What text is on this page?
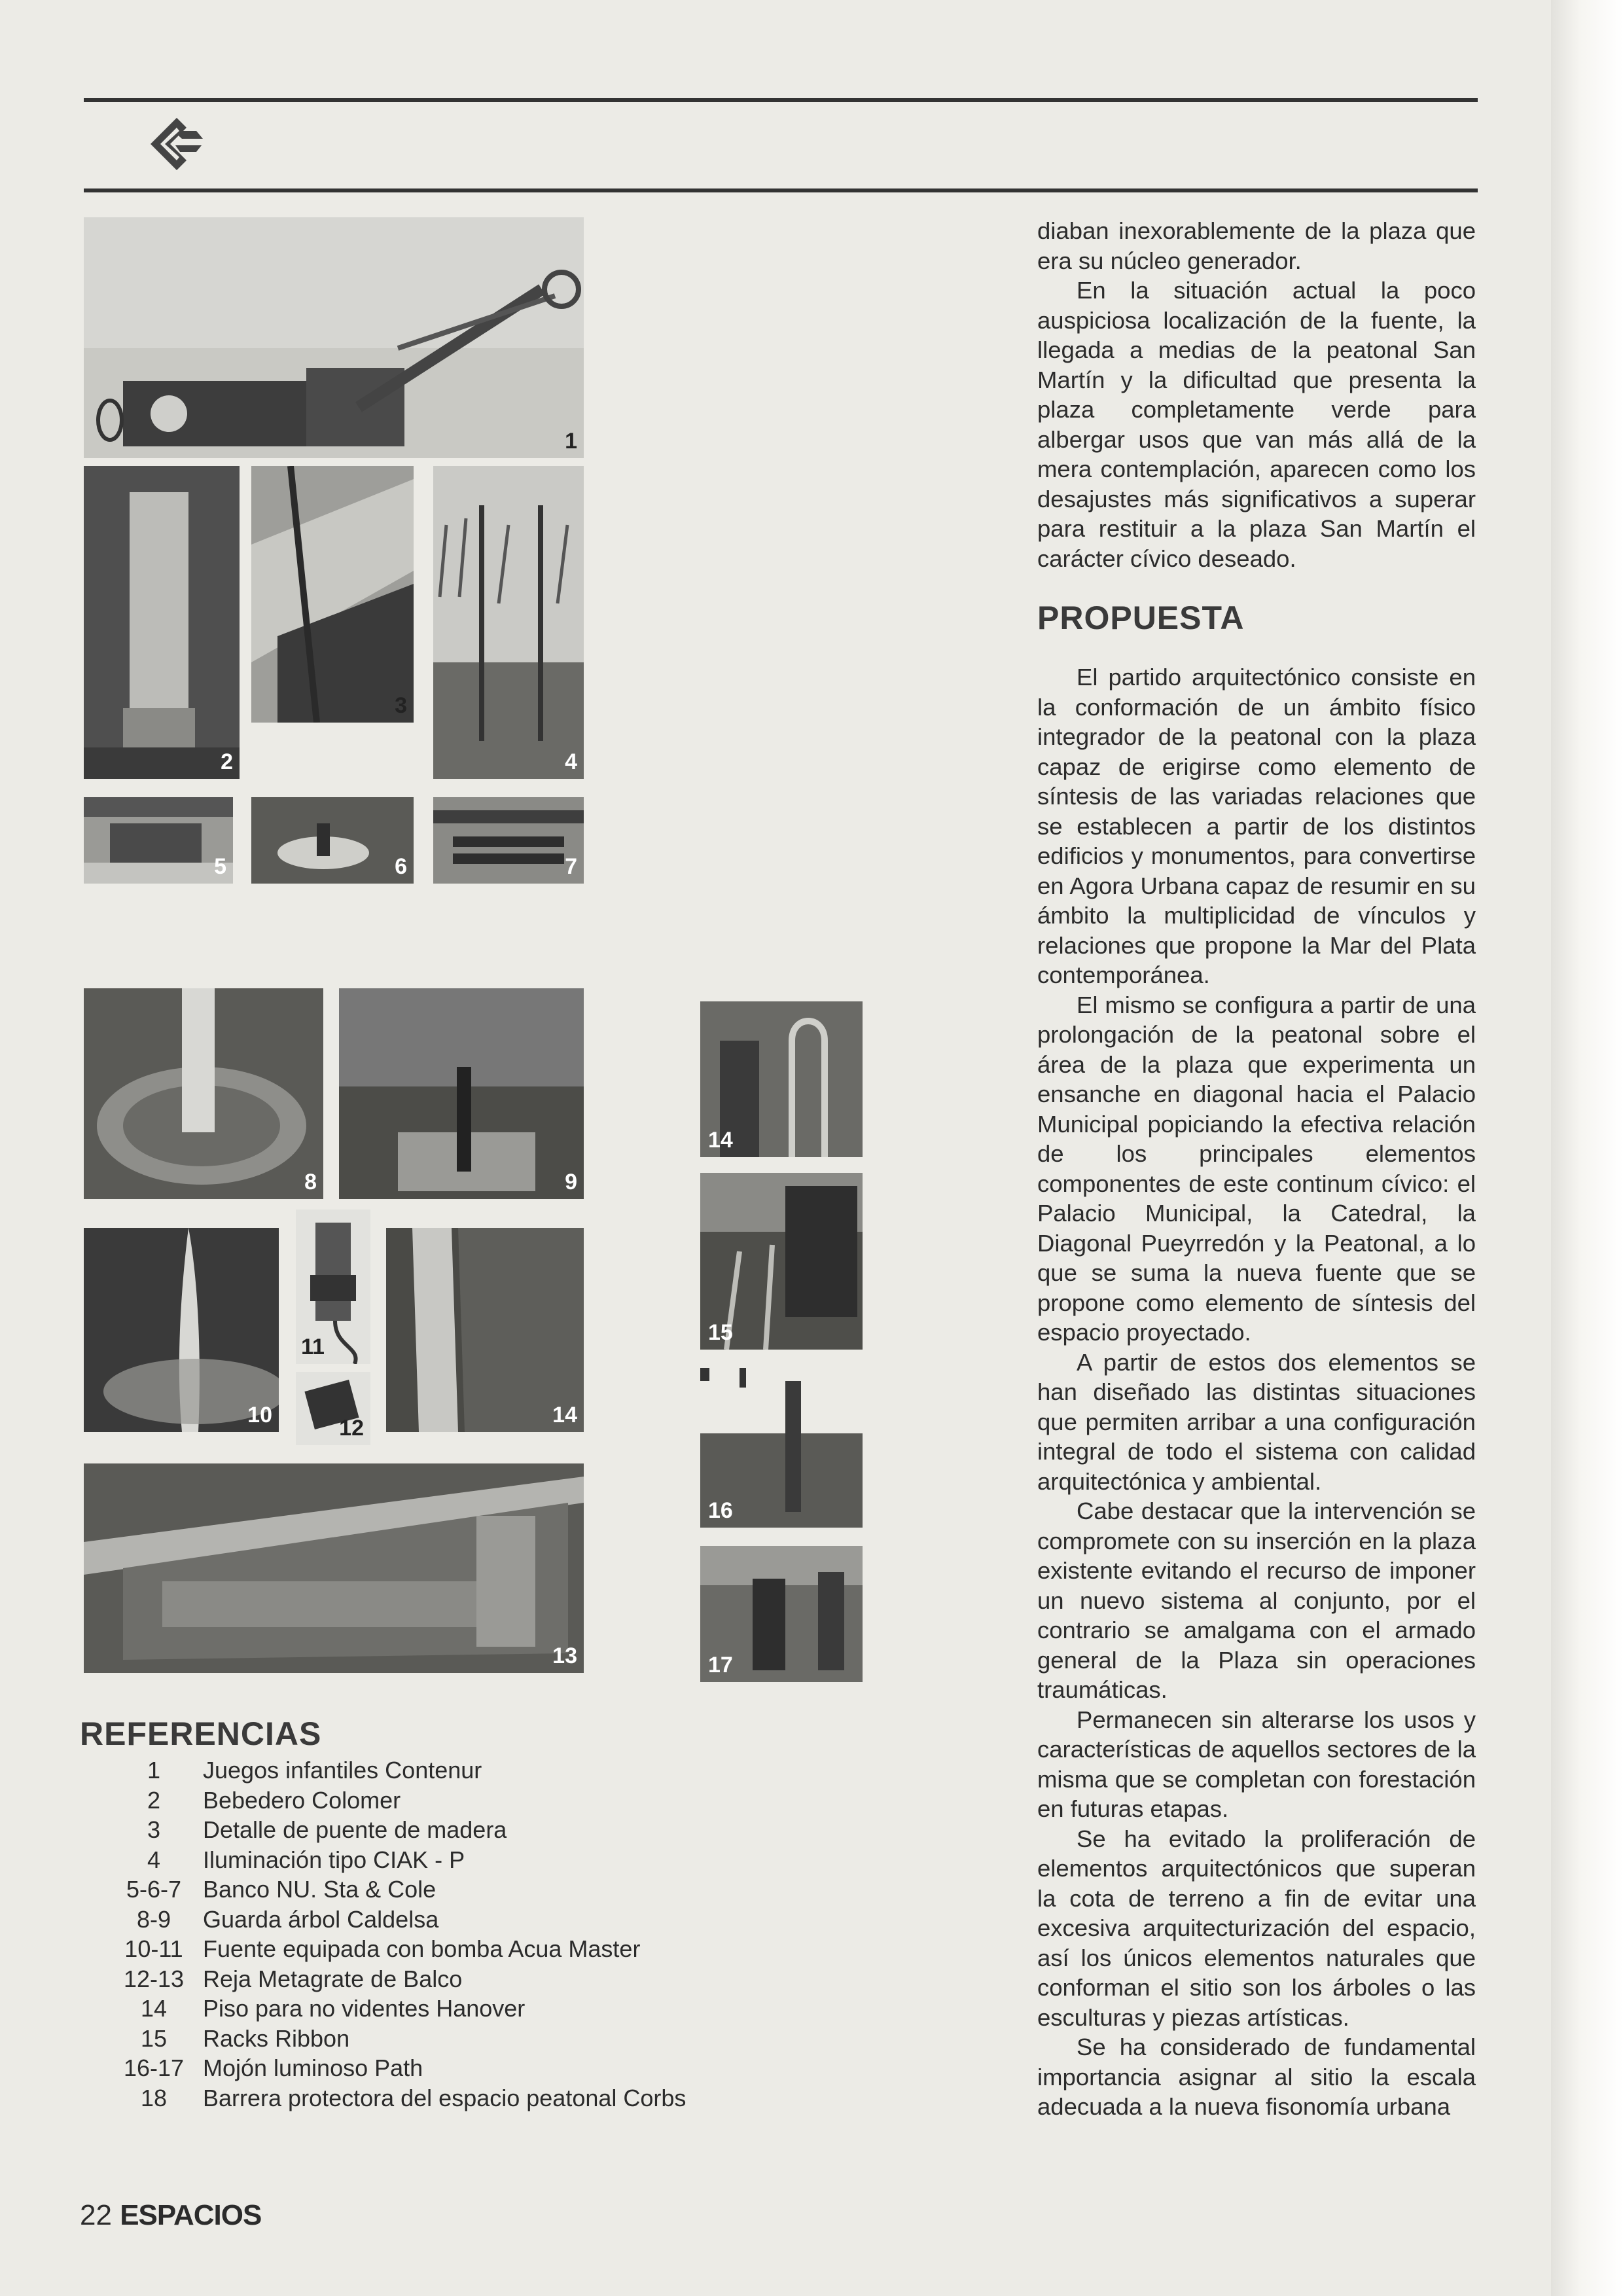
1
2
3
4
5	6	7
8	9
10
11
12
14
13
14
15
16
17
REFERENCIAS
1	Juegos infantiles Contenur
2	Bebedero Colomer
3	Detalle de puente de madera
4	Iluminación tipo CIAK - P
5-6-7 Banco NU. Sta & Cole
8-9	Guarda árbol Caldelsa
10-11 Fuente equipada con bomba Acua Master
12-13 Reja Metagrate de Balco
14	Piso para no videntes Hanover
15	Racks Ribbon
16-17 Mojón luminoso Path
18	Barrera protectora del espacio peatonal Corbs

diaban inexorablemente de la plaza que era su núcleo generador.

En la situación actual la poco auspiciosa localización de la fuente, la llegada a medias de la peatonal San Martín y la dificultad que presenta la plaza completamente verde para albergar usos que van más allá de la mera contemplación, aparecen como los desajustes más significativos a superar para restituir a la plaza San Martín el carácter cívico deseado.

PROPUESTA

El partido arquitectónico consiste en la conformación de un ámbito físico integrador de la peatonal con la plaza capaz de erigirse como elemento de síntesis de las variadas relaciones que se establecen a partir de los distintos edificios y monumentos, para convertirse en Agora Urbana capaz de resumir en su ámbito la multiplicidad de vínculos y relaciones que propone la Mar del Plata contemporánea.

El mismo se configura a partir de una prolongación de la peatonal sobre el área de la plaza que experimenta un ensanche en diagonal hacia el Palacio Municipal popiciando la efectiva relación de los principales elementos componentes de este continum cívico: el Palacio Municipal, la Catedral, la Diagonal Pueyrredón y la Peatonal, a lo que se suma la nueva fuente que se propone como elemento de síntesis del espacio proyectado.

A partir de estos dos elementos se han diseñado las distintas situaciones que permiten arribar a una configuración integral de todo el sistema con calidad arquitectónica y ambiental.

Cabe destacar que la intervención se compromete con su inserción en la plaza existente evitando el recurso de imponer un nuevo sistema al conjunto, por el contrario se amalgama con el armado general de la Plaza sin operaciones traumáticas.

Permanecen sin alterarse los usos y características de aquellos sectores de la misma que se completan con forestación en futuras etapas.

Se ha evitado la proliferación de elementos arquitectónicos que superan la cota de terreno a fin de evitar una excesiva arquitecturización del espacio, así los únicos elementos naturales que conforman el sitio son los árboles o las esculturas y piezas artísticas.

Se ha considerado de fundamental importancia asignar al sitio la escala adecuada a la nueva fisonomía urbana

22 ESPACIOS
